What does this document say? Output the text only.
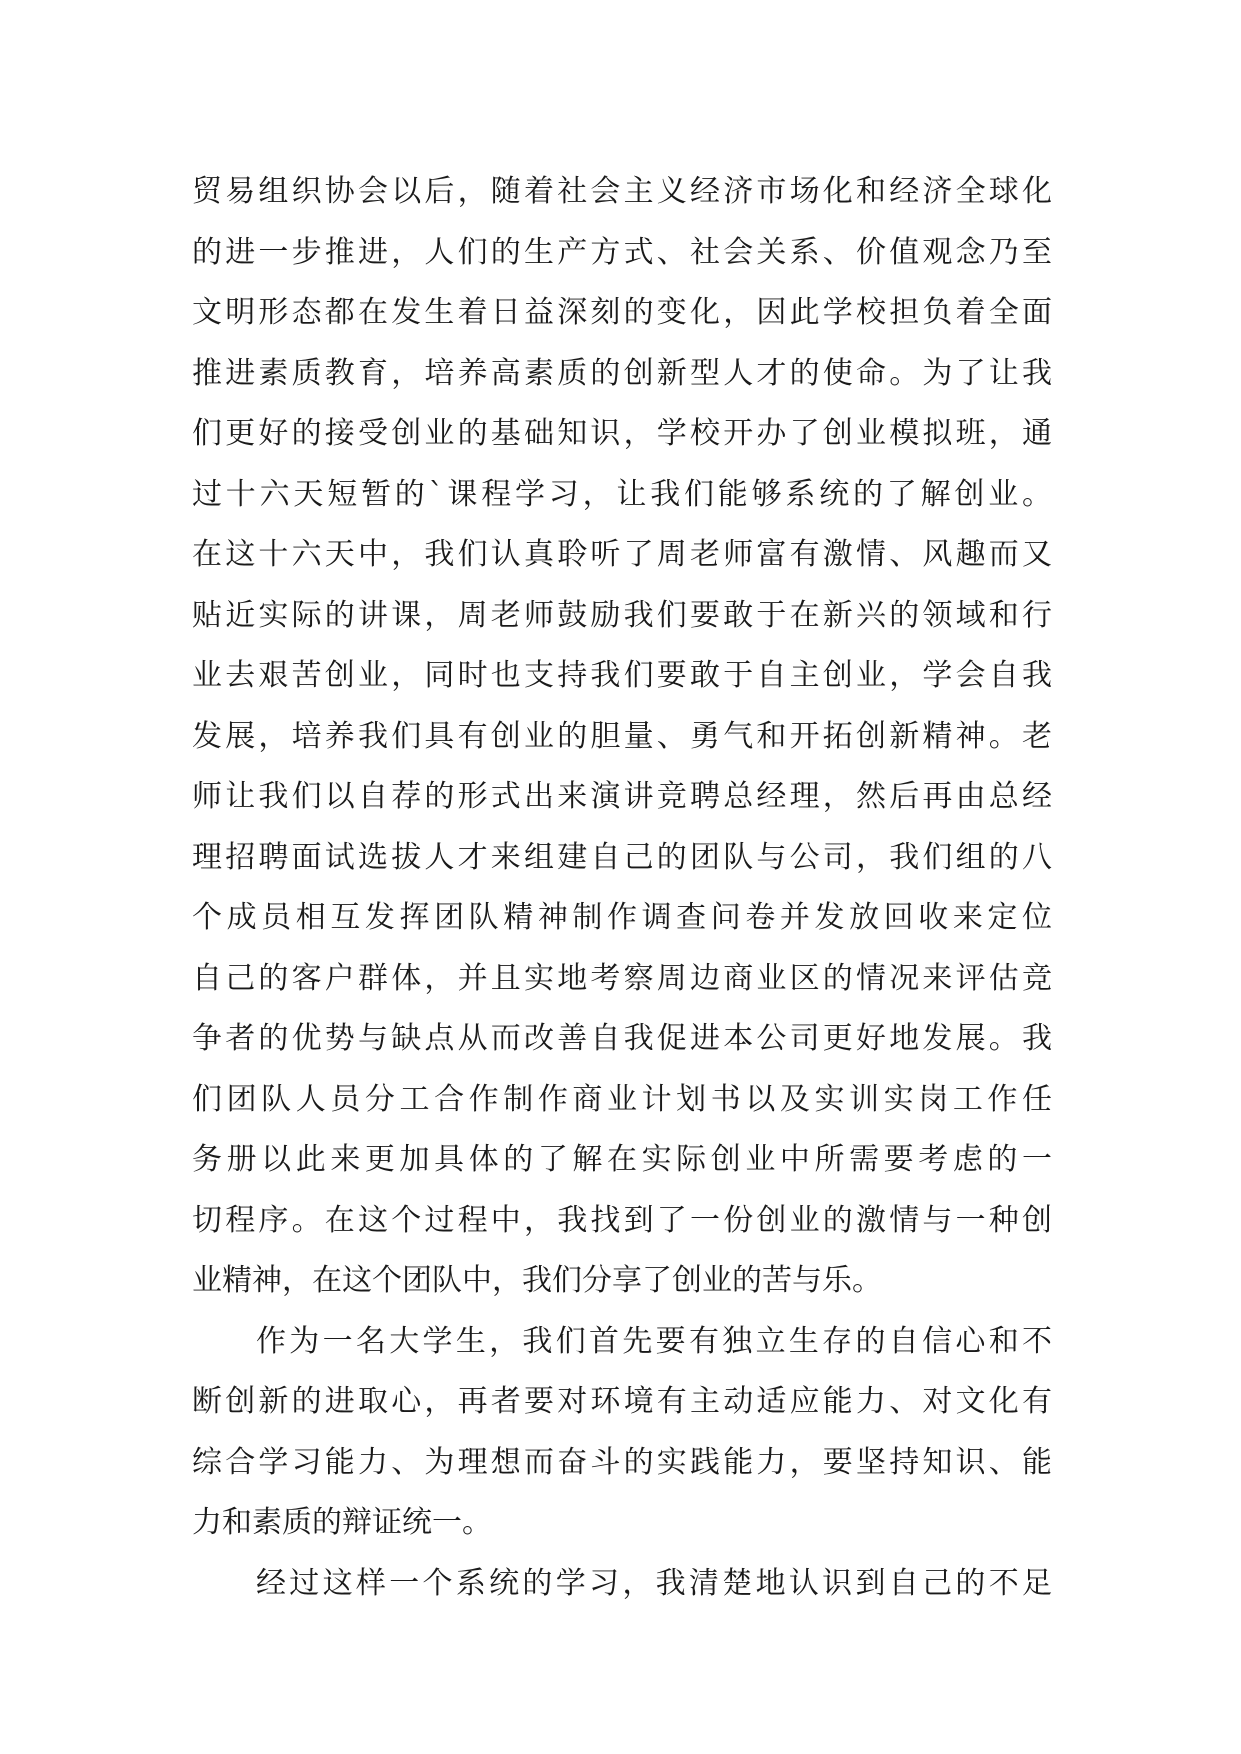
贸易组织协会以后，随着社会主义经济市场化和经济全球化
的进一步推进，人们的生产方式、社会关系、价值观念乃至
文明形态都在发生着日益深刻的变化，因此学校担负着全面
推进素质教育，培养高素质的创新型人才的使命。为了让我
们更好的接受创业的基础知识，学校开办了创业模拟班，通
过十六天短暂的`课程学习，让我们能够系统的了解创业。
在这十六天中，我们认真聆听了周老师富有激情、风趣而又
贴近实际的讲课，周老师鼓励我们要敢于在新兴的领域和行
业去艰苦创业，同时也支持我们要敢于自主创业，学会自我
发展，培养我们具有创业的胆量、勇气和开拓创新精神。老
师让我们以自荐的形式出来演讲竞聘总经理，然后再由总经
理招聘面试选拔人才来组建自己的团队与公司，我们组的八
个成员相互发挥团队精神制作调查问卷并发放回收来定位
自己的客户群体，并且实地考察周边商业区的情况来评估竞
争者的优势与缺点从而改善自我促进本公司更好地发展。我
们团队人员分工合作制作商业计划书以及实训实岗工作任
务册以此来更加具体的了解在实际创业中所需要考虑的一
切程序。在这个过程中，我找到了一份创业的激情与一种创
业精神，在这个团队中，我们分享了创业的苦与乐。
作为一名大学生，我们首先要有独立生存的自信心和不
断创新的进取心，再者要对环境有主动适应能力、对文化有
综合学习能力、为理想而奋斗的实践能力，要坚持知识、能
力和素质的辩证统一。
经过这样一个系统的学习，我清楚地认识到自己的不足
